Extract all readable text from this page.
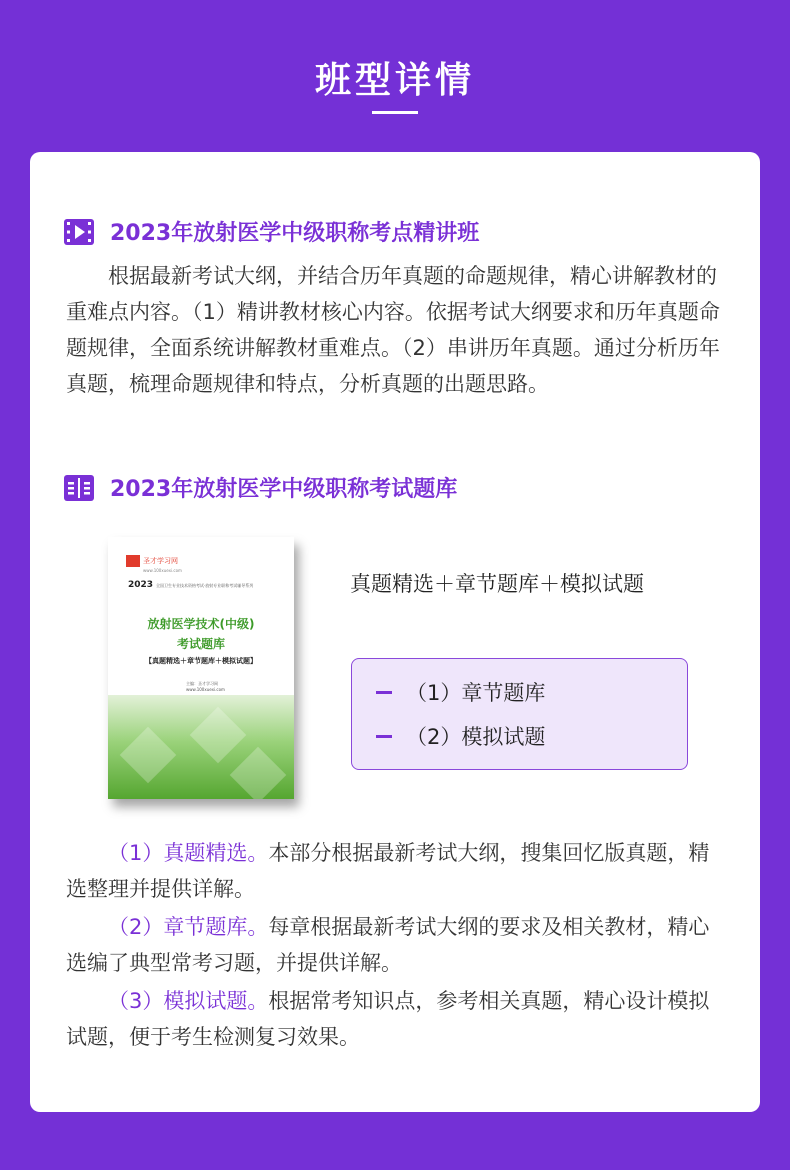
班型详情
2023年放射医学中级职称考点精讲班
根据最新考试大纲，并结合历年真题的命题规律，精心讲解教材的重难点内容。（1）精讲教材核心内容。依据考试大纲要求和历年真题命题规律，全面系统讲解教材重难点。（2）串讲历年真题。通过分析历年真题，梳理命题规律和特点，分析真题的出题思路。
2023年放射医学中级职称考试题库
圣才学习网
www.100xuexi.com
2023 全国卫生专业技术资格考试·放射专业职称考试辅导系列
放射医学技术(中级)
考试题库
【真题精选＋章节题库＋模拟试题】
主编：圣才学习网
www.100xuexi.com
真题精选＋章节题库＋模拟试题
（1）章节题库
（2）模拟试题
（1）真题精选。本部分根据最新考试大纲，搜集回忆版真题，精选整理并提供详解。
（2）章节题库。每章根据最新考试大纲的要求及相关教材，精心选编了典型常考习题，并提供详解。
（3）模拟试题。根据常考知识点，参考相关真题，精心设计模拟试题，便于考生检测复习效果。
